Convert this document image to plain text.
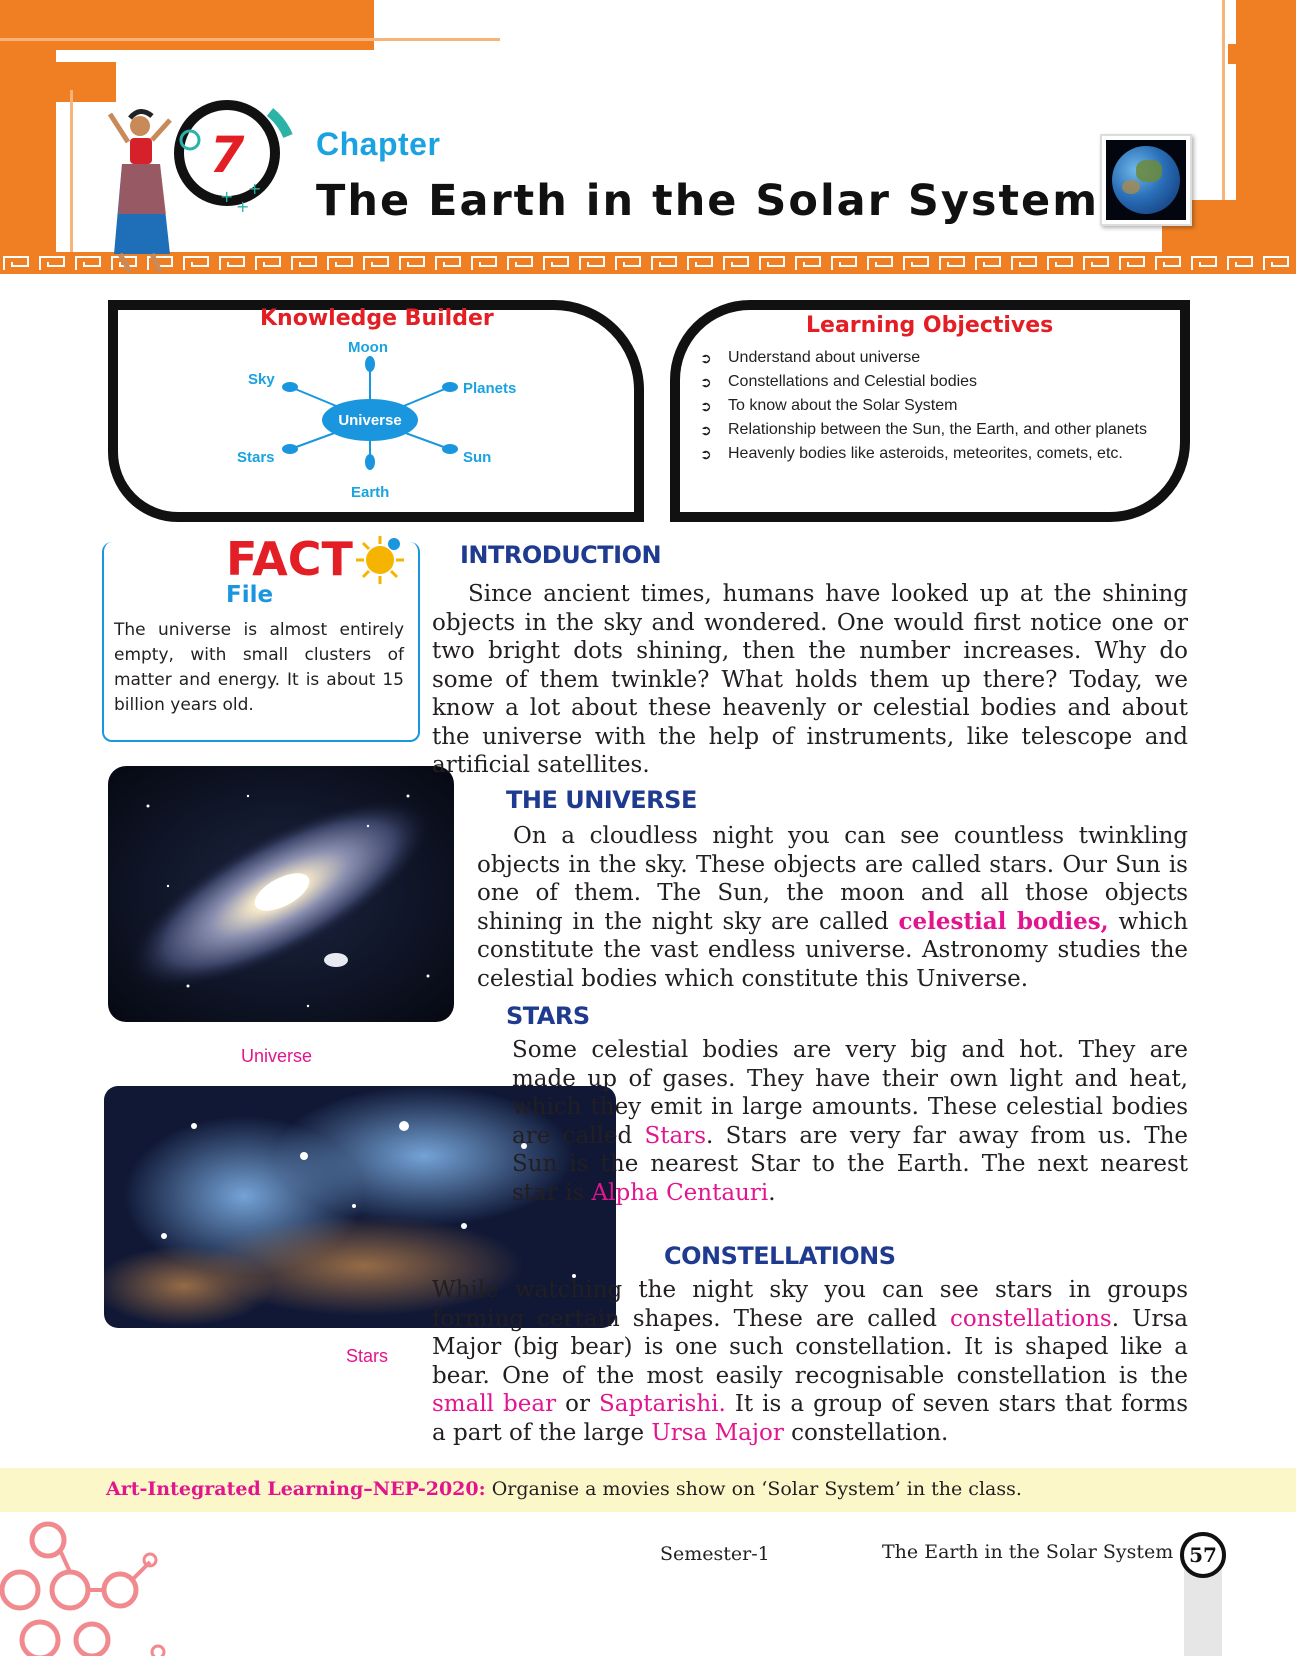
+
+
+
7	Chapter
The Earth in the Solar System
Knowledge Builder
Universe
Moon
Sky
Planets
Stars	Sun
Earth
Learning Objectives
➲ Understand about universe
➲ Constellations and Celestial bodies
➲ To know about the Solar System
➲ Relationship between the Sun, the Earth, and other planets
➲ Heavenly bodies like asteroids, meteorites, comets, etc.
FACT
File
The universe is almost entirely empty, with small clusters of matter and energy. It is about 15 billion years old.
Universe
Stars
INTRODUCTION
Since ancient times, humans have looked up at the shining objects in the sky and wondered. One would first notice one or two bright dots shining, then the number increases. Why do some of them twinkle? What holds them up there? Today, we know a lot about these heavenly or celestial bodies and about the universe with the help of instruments, like telescope and artificial satellites.
THE UNIVERSE
On a cloudless night you can see countless twinkling objects in the sky. These objects are called stars. Our Sun is one of them. The Sun, the moon and all those objects shining in the night sky are called celestial bodies, which constitute the vast endless universe. Astronomy studies the celestial bodies which constitute this Universe.
STARS
Some celestial bodies are very big and hot. They are made up of gases. They have their own light and heat, which they emit in large amounts. These celestial bodies are called Stars. Stars are very far away from us. The Sun is the nearest Star to the Earth. The next nearest star is Alpha Centauri.
CONSTELLATIONS
While watching the night sky you can see stars in groups forming certain shapes. These are called constellations. Ursa Major (big bear) is one such constellation. It is shaped like a bear. One of the most easily recognisable constellation is the small bear or Saptarishi. It is a group of seven stars that forms a part of the large Ursa Major constellation.
Art-Integrated Learning–NEP-2020: Organise a movies show on ‘Solar System’ in the class.
Semester-1	The Earth in the Solar System 57
